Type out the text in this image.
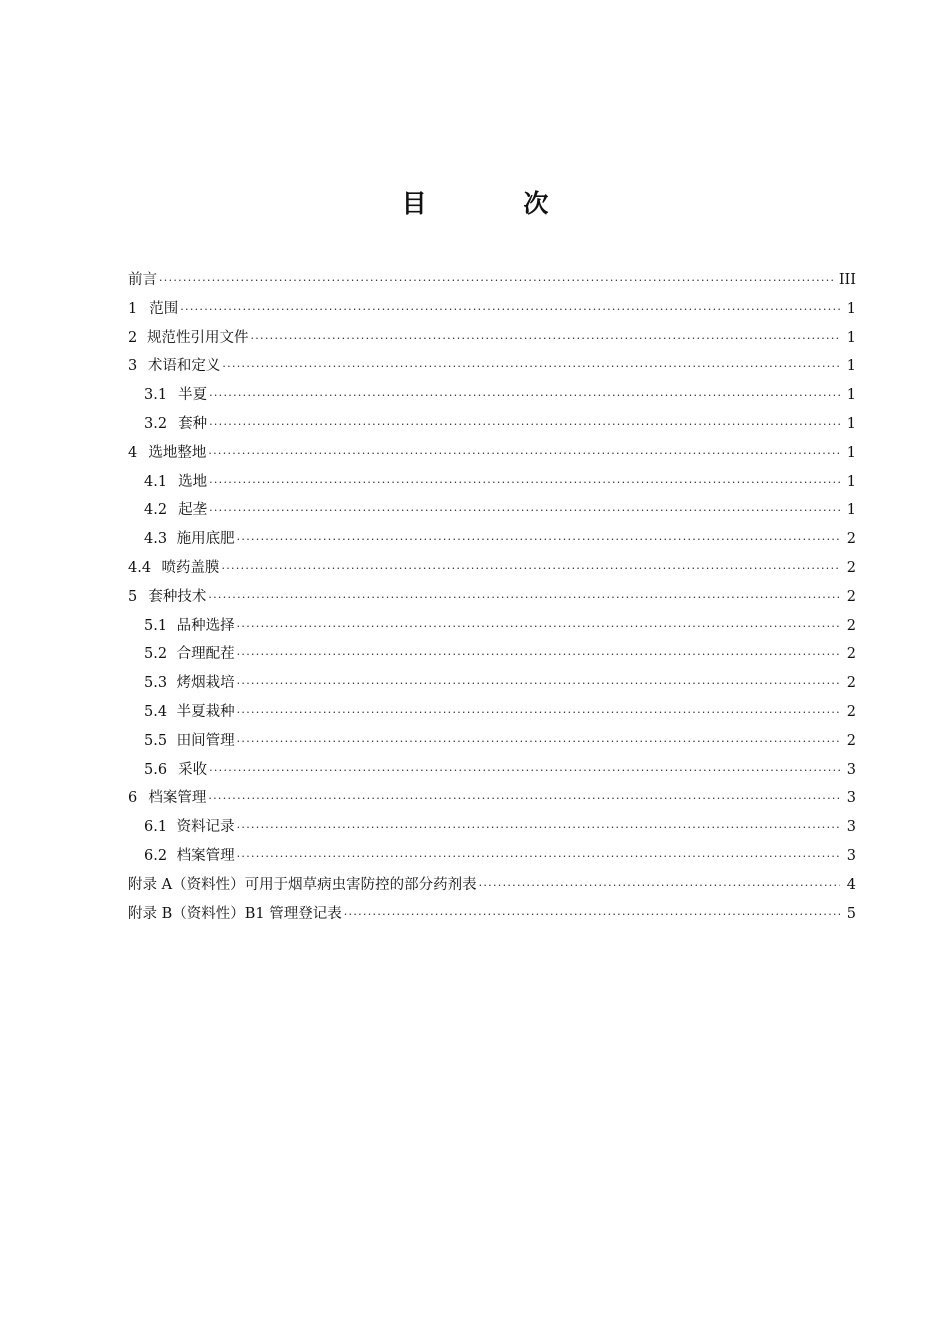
目 次
前言 ·····	III
1 范围 ·····	1
2 规范性引用文件 ·····	1
3 术语和定义 ·····	1
3.1 半夏 ·····	1
3.2 套种 ·····	1
4 选地整地 ·····	1
4.1 选地 ·····	1
4.2 起垄 ·····	1
4.3 施用底肥 ·····	2
4.4 喷药盖膜 ·····	2
5 套种技术 ·····	2
5.1 品种选择 ·····	2
5.2 合理配茬 ·····	2
5.3 烤烟栽培 ·····	2
5.4 半夏栽种 ·····	2
5.5 田间管理 ·····	2
5.6 采收 ·····	3
6 档案管理 ·····	3
6.1 资料记录 ·····	3
6.2 档案管理 ·····	3
附录 A（资料性） 可用于烟草病虫害防控的部分药剂表 ·····	4
附录 B（资料性） B1 管理登记表 ·····	5
